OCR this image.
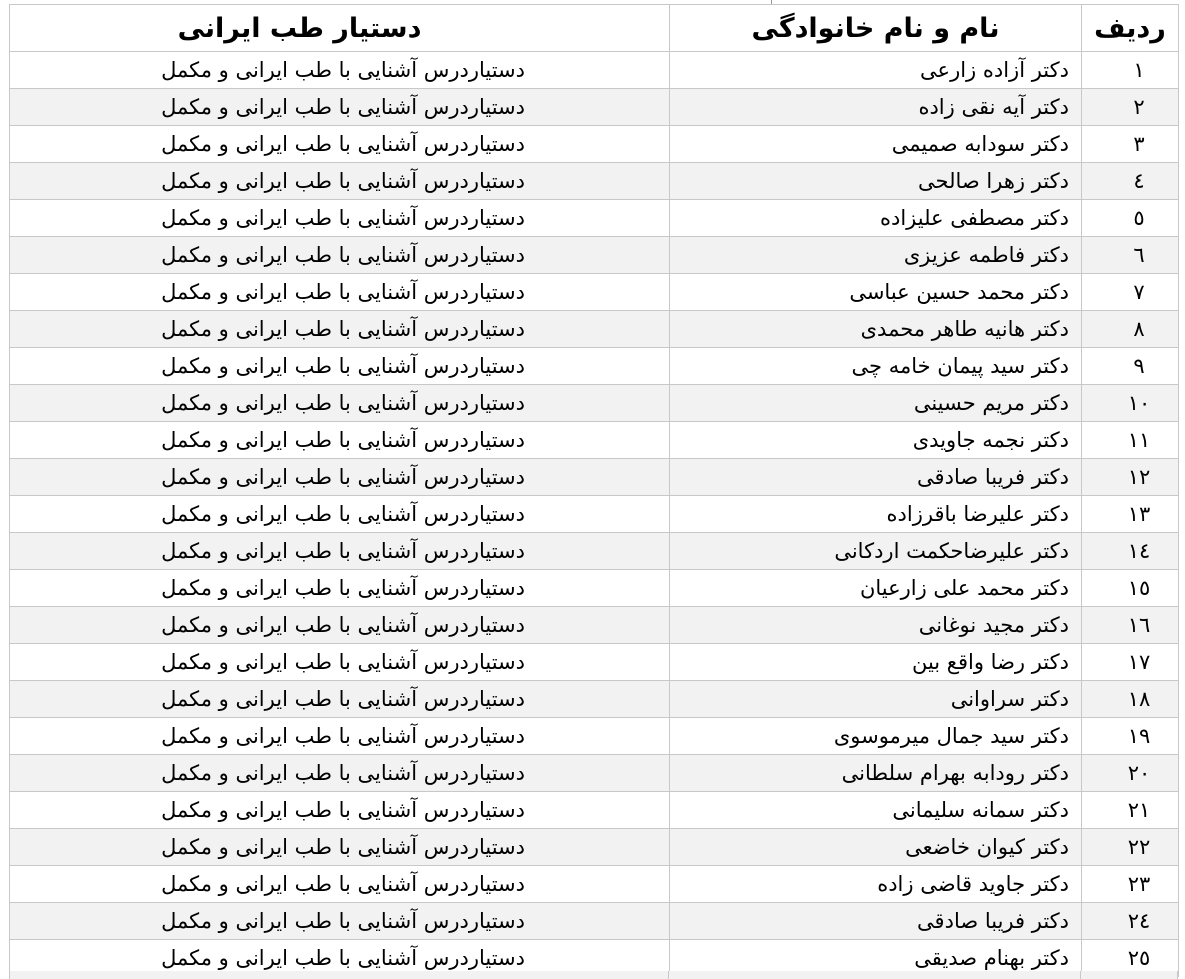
ردیف	نام و نام خانوادگی	دستیار طب ایرانی
۱	دکتر آزاده زارعی	دستیاردرس آشنایی با طب ایرانی و مکمل
۲	دکتر آیه نقی زاده	دستیاردرس آشنایی با طب ایرانی و مکمل
۳	دکتر سودابه صمیمی	دستیاردرس آشنایی با طب ایرانی و مکمل
٤	دکتر زهرا صالحی	دستیاردرس آشنایی با طب ایرانی و مکمل
٥	دکتر مصطفی علیزاده	دستیاردرس آشنایی با طب ایرانی و مکمل
٦	دکتر فاطمه عزیزی	دستیاردرس آشنایی با طب ایرانی و مکمل
۷	دکتر محمد حسین عباسی	دستیاردرس آشنایی با طب ایرانی و مکمل
۸	دکتر هانیه طاهر محمدی	دستیاردرس آشنایی با طب ایرانی و مکمل
۹	دکتر سید پیمان خامه چی	دستیاردرس آشنایی با طب ایرانی و مکمل
۱۰	دکتر مریم حسینی	دستیاردرس آشنایی با طب ایرانی و مکمل
۱۱	دکتر نجمه جاویدی	دستیاردرس آشنایی با طب ایرانی و مکمل
۱۲	دکتر فریبا صادقی	دستیاردرس آشنایی با طب ایرانی و مکمل
۱۳	دکتر علیرضا باقرزاده	دستیاردرس آشنایی با طب ایرانی و مکمل
۱٤	دکتر علیرضاحکمت اردکانی	دستیاردرس آشنایی با طب ایرانی و مکمل
۱٥	دکتر محمد علی زارعیان	دستیاردرس آشنایی با طب ایرانی و مکمل
۱٦	دکتر مجید نوغانی	دستیاردرس آشنایی با طب ایرانی و مکمل
۱۷	دکتر رضا واقع بین	دستیاردرس آشنایی با طب ایرانی و مکمل
۱۸	دکتر سراوانی	دستیاردرس آشنایی با طب ایرانی و مکمل
۱۹	دکتر سید جمال میرموسوی	دستیاردرس آشنایی با طب ایرانی و مکمل
۲۰	دکتر رودابه بهرام سلطانی	دستیاردرس آشنایی با طب ایرانی و مکمل
۲۱	دکتر سمانه سلیمانی	دستیاردرس آشنایی با طب ایرانی و مکمل
۲۲	دکتر کیوان خاضعی	دستیاردرس آشنایی با طب ایرانی و مکمل
۲۳	دکتر جاوید قاضی زاده	دستیاردرس آشنایی با طب ایرانی و مکمل
۲٤	دکتر فریبا صادقی	دستیاردرس آشنایی با طب ایرانی و مکمل
۲٥	دکتر بهنام صدیقی	دستیاردرس آشنایی با طب ایرانی و مکمل
